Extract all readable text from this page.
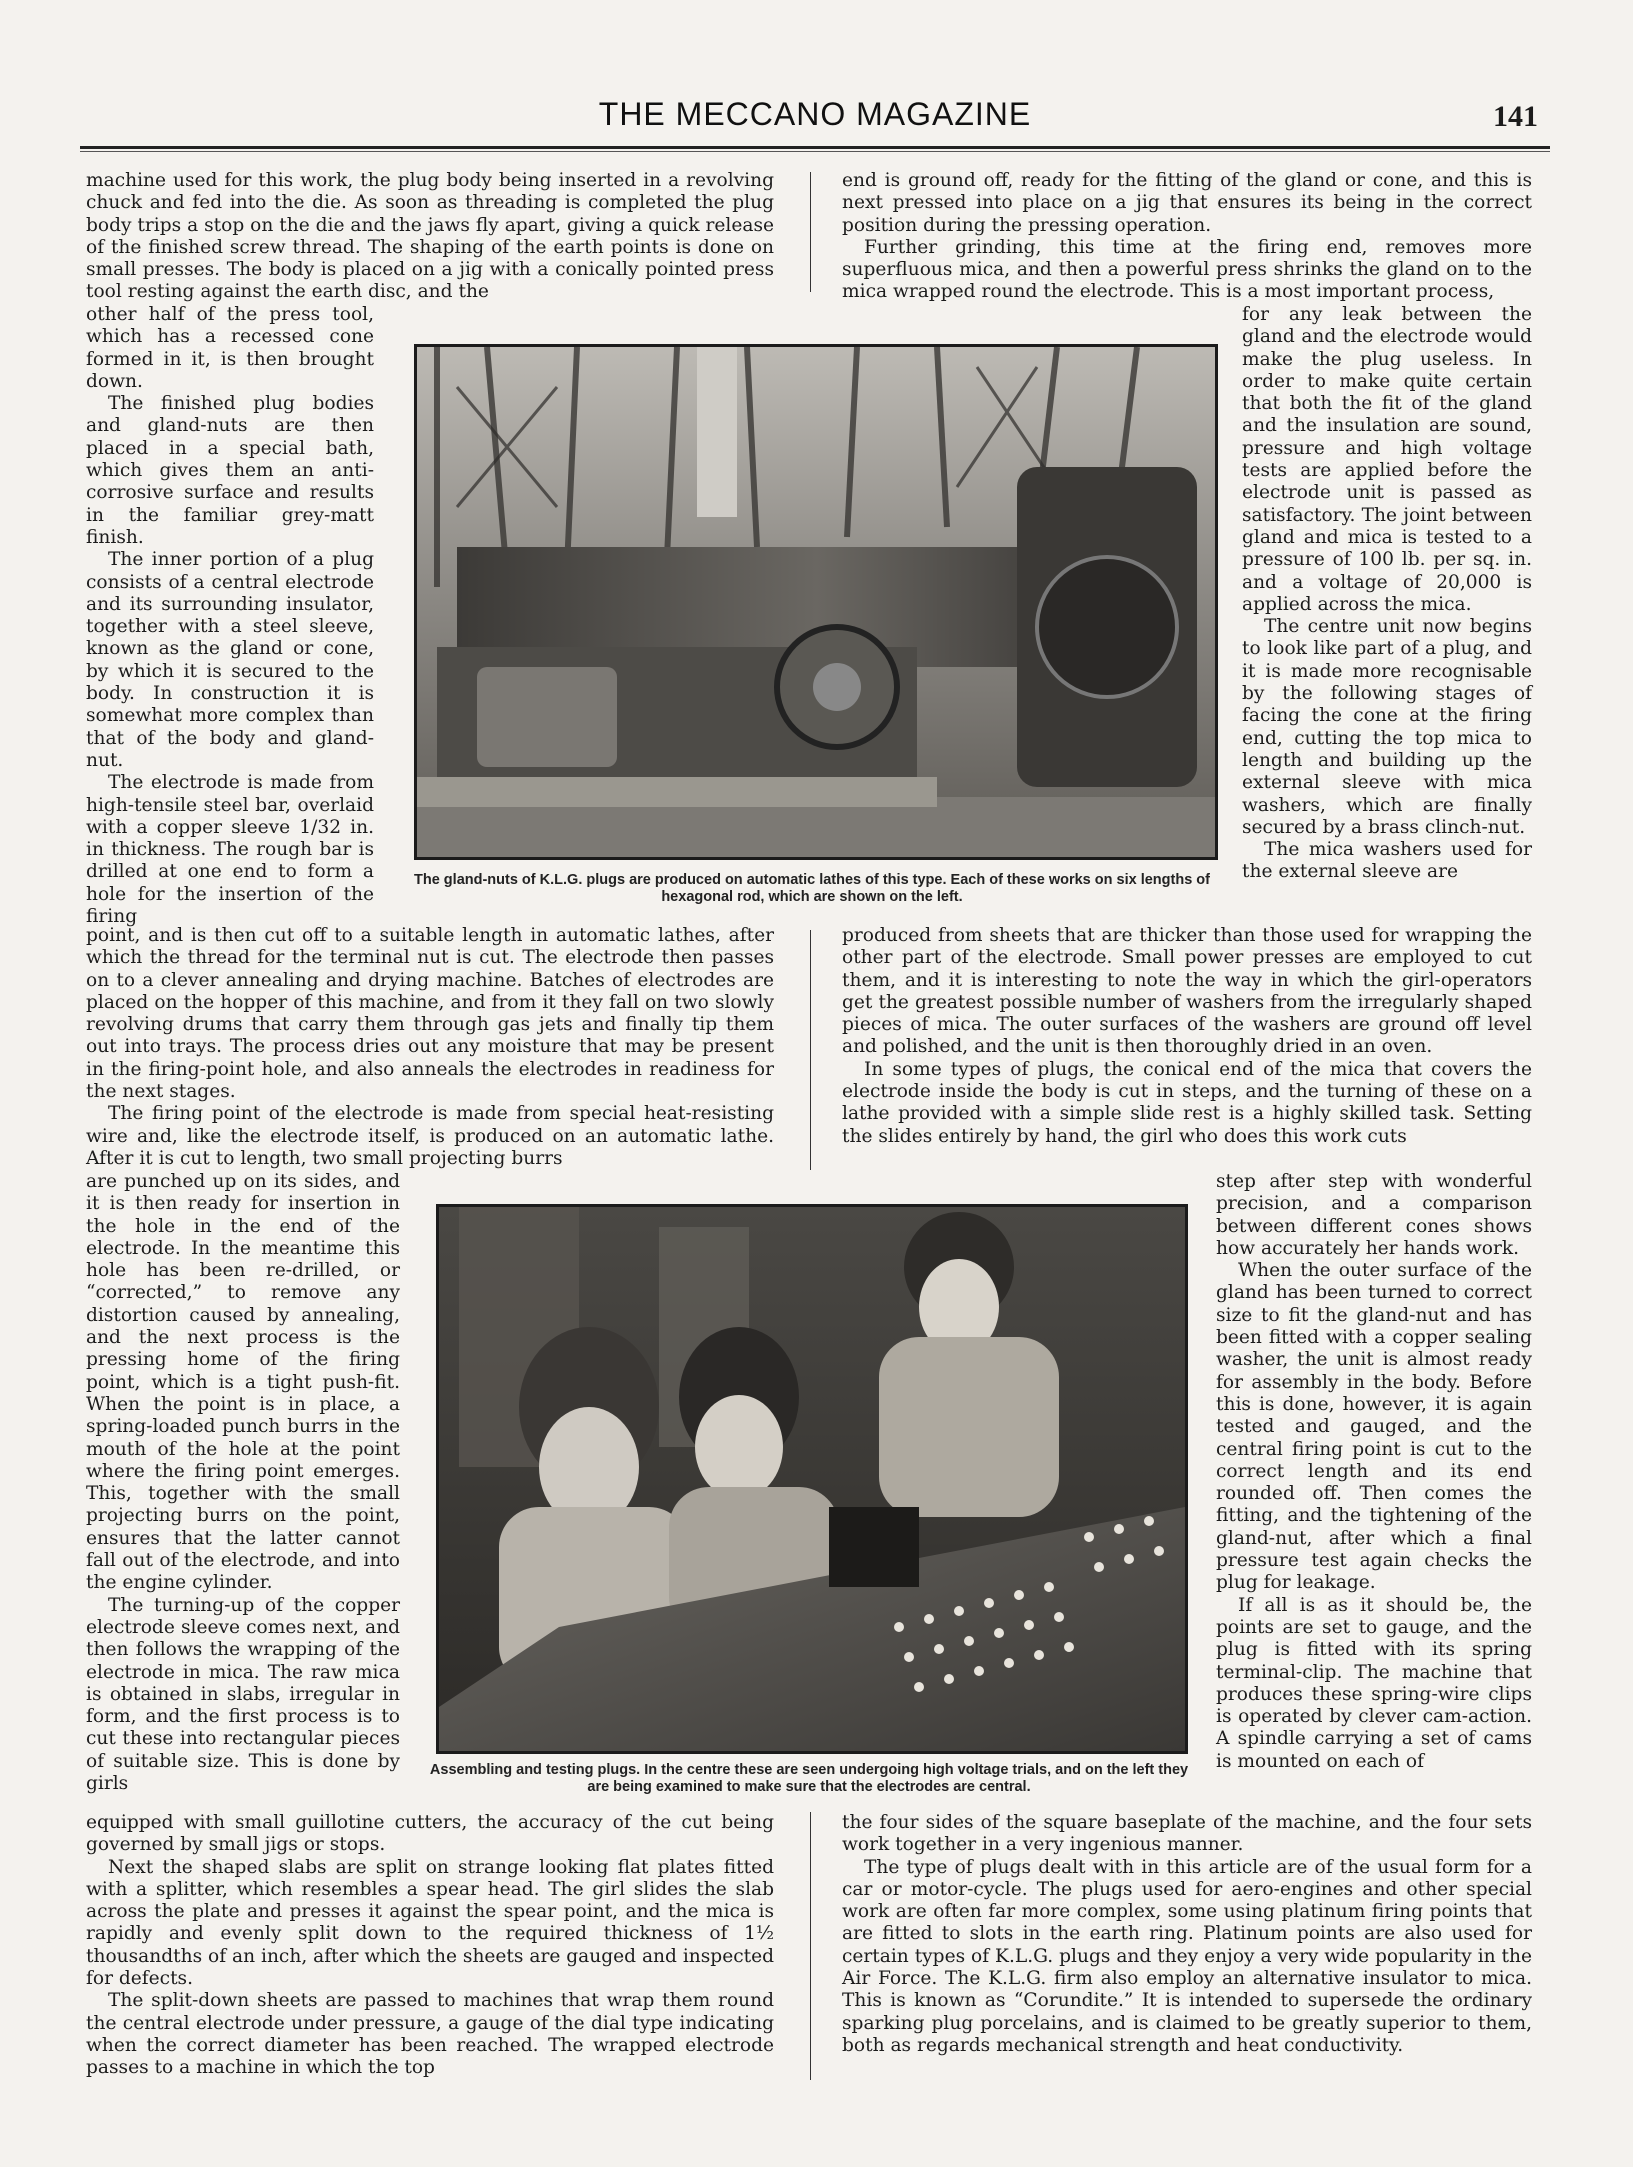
THE MECCANO MAGAZINE	141

machine used for this work, the plug body being inserted in a revolving chuck and fed into the die. As soon as threading is completed the plug body trips a stop on the die and the jaws fly apart, giving a quick release of the finished screw thread. The shaping of the earth points is done on small presses. The body is placed on a jig with a conically pointed press tool resting against the earth disc, and the

other half of the press tool, which has a recessed cone formed in it, is then brought down.

The finished plug bodies and gland-nuts are then placed in a special bath, which gives them an anti-corrosive surface and results in the familiar grey-matt finish.

The inner portion of a plug consists of a central electrode and its surrounding insulator, together with a steel sleeve, known as the gland or cone, by which it is secured to the body. In construction it is somewhat more complex than that of the body and gland-nut.

The electrode is made from high-tensile steel bar, overlaid with a copper sleeve 1/32 in. in thickness. The rough bar is drilled at one end to form a hole for the insertion of the firing

point, and is then cut off to a suitable length in automatic lathes, after which the thread for the terminal nut is cut. The electrode then passes on to a clever annealing and drying machine. Batches of electrodes are placed on the hopper of this machine, and from it they fall on two slowly revolving drums that carry them through gas jets and finally tip them out into trays. The process dries out any moisture that may be present in the firing-point hole, and also anneals the electrodes in readiness for the next stages.

The firing point of the electrode is made from special heat-resisting wire and, like the electrode itself, is produced on an automatic lathe. After it is cut to length, two small projecting burrs

are punched up on its sides, and it is then ready for insertion in the hole in the end of the electrode. In the meantime this hole has been re-drilled, or “corrected,” to remove any distortion caused by annealing, and the next process is the pressing home of the firing point, which is a tight push-fit. When the point is in place, a spring-loaded punch burrs in the mouth of the hole at the point where the firing point emerges. This, together with the small projecting burrs on the point, ensures that the latter cannot fall out of the electrode, and into the engine cylinder.

The turning-up of the copper electrode sleeve comes next, and then follows the wrapping of the electrode in mica. The raw mica is obtained in slabs, irregular in form, and the first process is to cut these into rectangular pieces of suitable size. This is done by girls

equipped with small guillotine cutters, the accuracy of the cut being governed by small jigs or stops.

Next the shaped slabs are split on strange looking flat plates fitted with a splitter, which resembles a spear head. The girl slides the slab across the plate and presses it against the spear point, and the mica is rapidly and evenly split down to the required thickness of 1½ thousandths of an inch, after which the sheets are gauged and inspected for defects.

The split-down sheets are passed to machines that wrap them round the central electrode under pressure, a gauge of the dial type indicating when the correct diameter has been reached. The wrapped electrode passes to a machine in which the top

end is ground off, ready for the fitting of the gland or cone, and this is next pressed into place on a jig that ensures its being in the correct position during the pressing operation.

Further grinding, this time at the firing end, removes more superfluous mica, and then a powerful press shrinks the gland on to the mica wrapped round the electrode. This is a most important process,

for any leak between the gland and the electrode would make the plug useless. In order to make quite certain that both the fit of the gland and the insulation are sound, pressure and high voltage tests are applied before the electrode unit is passed as satisfactory. The joint between gland and mica is tested to a pressure of 100 lb. per sq. in. and a voltage of 20,000 is applied across the mica.

The centre unit now begins to look like part of a plug, and it is made more recognisable by the following stages of facing the cone at the firing end, cutting the top mica to length and building up the external sleeve with mica washers, which are finally secured by a brass clinch-nut.

The mica washers used for the external sleeve are

produced from sheets that are thicker than those used for wrapping the other part of the electrode. Small power presses are employed to cut them, and it is interesting to note the way in which the girl-operators get the greatest possible number of washers from the irregularly shaped pieces of mica. The outer surfaces of the washers are ground off level and polished, and the unit is then thoroughly dried in an oven.

In some types of plugs, the conical end of the mica that covers the electrode inside the body is cut in steps, and the turning of these on a lathe provided with a simple slide rest is a highly skilled task. Setting the slides entirely by hand, the girl who does this work cuts

step after step with wonderful precision, and a comparison between different cones shows how accurately her hands work.

When the outer surface of the gland has been turned to correct size to fit the gland-nut and has been fitted with a copper sealing washer, the unit is almost ready for assembly in the body. Before this is done, however, it is again tested and gauged, and the central firing point is cut to the correct length and its end rounded off. Then comes the fitting, and the tightening of the gland-nut, after which a final pressure test again checks the plug for leakage.

If all is as it should be, the points are set to gauge, and the plug is fitted with its spring terminal-clip. The machine that produces these spring-wire clips is operated by clever cam-action. A spindle carrying a set of cams is mounted on each of

the four sides of the square baseplate of the machine, and the four sets work together in a very ingenious manner.

The type of plugs dealt with in this article are of the usual form for a car or motor-cycle. The plugs used for aero-engines and other special work are often far more complex, some using platinum firing points that are fitted to slots in the earth ring. Platinum points are also used for certain types of K.L.G. plugs and they enjoy a very wide popularity in the Air Force. The K.L.G. firm also employ an alternative insulator to mica. This is known as “Corundite.” It is intended to supersede the ordinary sparking plug porcelains, and is claimed to be greatly superior to them, both as regards mechanical strength and heat conductivity.

The gland-nuts of K.L.G. plugs are produced on automatic lathes of this type. Each of these works on six lengths of hexagonal rod, which are shown on the left.
Assembling and testing plugs. In the centre these are seen undergoing high voltage trials, and on the left they are being examined to make sure that the electrodes are central.
